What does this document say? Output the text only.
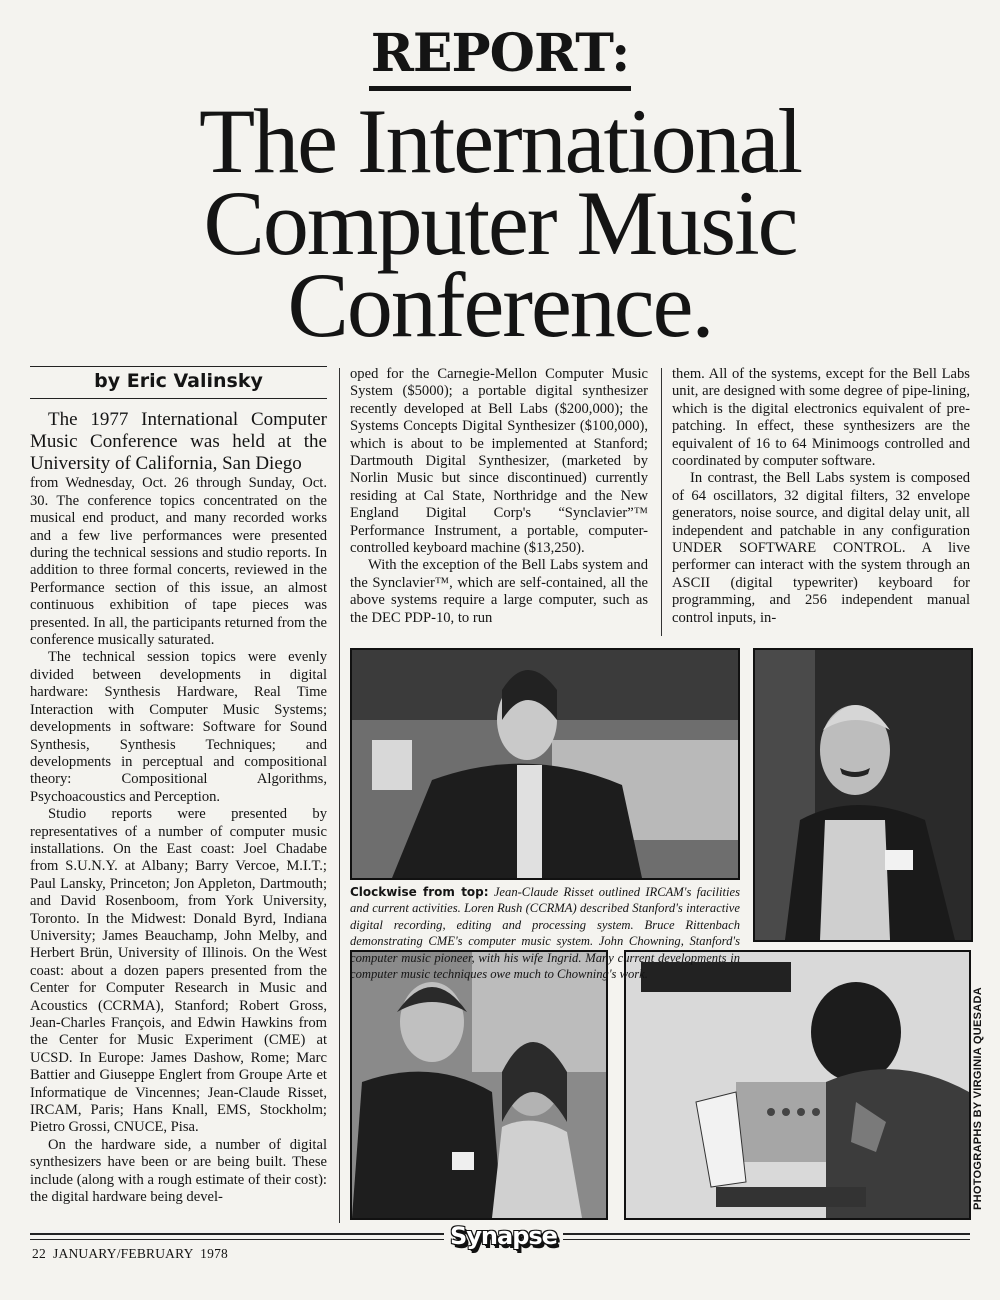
REPORT:
The International
Computer Music
Conference.
by Eric Valinsky

The 1977 International Computer Music Conference was held at the University of California, San Diego

from Wednesday, Oct. 26 through Sunday, Oct. 30. The conference topics concentrated on the musical end product, and many recorded works and a few live performances were presented during the technical sessions and studio reports. In addition to three formal concerts, reviewed in the Performance section of this issue, an almost continuous exhibition of tape pieces was presented. In all, the participants returned from the conference musically saturated.

The technical session topics were evenly divided between developments in digital hardware: Synthesis Hardware, Real Time Interaction with Computer Music Systems; developments in software: Software for Sound Synthesis, Synthesis Techniques; and developments in perceptual and compositional theory: Compositional Algorithms, Psychoacoustics and Perception.

Studio reports were presented by representatives of a number of computer music installations. On the East coast: Joel Chadabe from S.U.N.Y. at Albany; Barry Vercoe, M.I.T.; Paul Lansky, Princeton; Jon Appleton, Dartmouth; and David Rosenboom, from York University, Toronto. In the Midwest: Donald Byrd, Indiana University; James Beauchamp, John Melby, and Herbert Brün, University of Illinois. On the West coast: about a dozen papers presented from the Center for Computer Research in Music and Acoustics (CCRMA), Stanford; Robert Gross, Jean-Charles François, and Edwin Hawkins from the Center for Music Experiment (CME) at UCSD. In Europe: James Dashow, Rome; Marc Battier and Giuseppe Englert from Groupe Arte et Informatique de Vincennes; Jean-Claude Risset, IRCAM, Paris; Hans Knall, EMS, Stockholm; Pietro Grossi, CNUCE, Pisa.

On the hardware side, a number of digital synthesizers have been or are being built. These include (along with a rough estimate of their cost): the digital hardware being devel-

oped for the Carnegie-Mellon Computer Music System ($5000); a portable digital synthesizer recently developed at Bell Labs ($200,000); the Systems Concepts Digital Synthesizer ($100,000), which is about to be implemented at Stanford; Dartmouth Digital Synthesizer, (marketed by Norlin Music but since discontinued) currently residing at Cal State, Northridge and the New England Digital Corp's “Synclavier”™ Performance Instrument, a portable, computer-controlled keyboard machine ($13,250).

With the exception of the Bell Labs system and the Synclavier™, which are self-contained, all the above systems require a large computer, such as the DEC PDP-10, to run

them. All of the systems, except for the Bell Labs unit, are designed with some degree of pipe-lining, which is the digital electronics equivalent of pre-patching. In effect, these synthesizers are the equivalent of 16 to 64 Minimoogs controlled and coordinated by computer software.

In contrast, the Bell Labs system is composed of 64 oscillators, 32 digital filters, 32 envelope generators, noise source, and digital delay unit, all independent and patchable in any configuration UNDER SOFTWARE CONTROL. A live performer can interact with the system through an ASCII (digital typewriter) keyboard for programming, and 256 independent manual control inputs, in-

Clockwise from top: Jean-Claude Risset outlined IRCAM's facilities and current activities. Loren Rush (CCRMA) described Stanford's interactive digital recording, editing and processing system. Bruce Rittenbach demonstrating CME's computer music system. John Chowning, Stanford's computer music pioneer, with his wife Ingrid. Many current developments in computer music techniques owe much to Chowning's work.
PHOTOGRAPHS BY VIRGINIA QUESADA
Synapse
22  JANUARY/FEBRUARY  1978
